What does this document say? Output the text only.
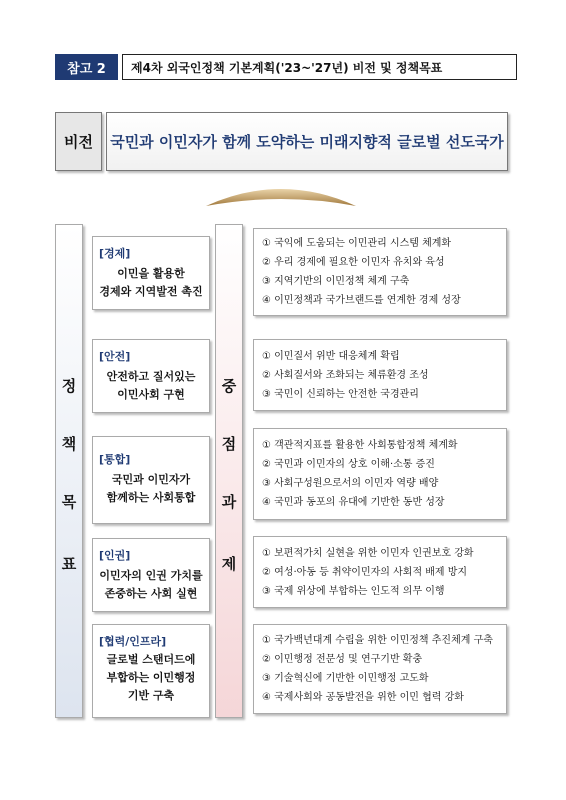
참고 2	제4차 외국인정책 기본계획('23~'27년) 비전 및 정책목표
비전	국민과 이민자가 함께 도약하는 미래지향적 글로벌 선도국가
정
책
목
표
중
점
과
제
[경제]
이민을 활용한
경제와 지역발전 촉진
① 국익에 도움되는 이민관리 시스템 체계화
② 우리 경제에 필요한 이민자 유치와 육성
③ 지역기반의 이민정책 체계 구축
④ 이민정책과 국가브랜드를 연계한 경제 성장
[안전]
안전하고 질서있는
이민사회 구현
① 이민질서 위반 대응체계 확립
② 사회질서와 조화되는 체류환경 조성
③ 국민이 신뢰하는 안전한 국경관리
[통합]
국민과 이민자가
함께하는 사회통합
① 객관적지표를 활용한 사회통합정책 체계화
② 국민과 이민자의 상호 이해·소통 증진
③ 사회구성원으로서의 이민자 역량 배양
④ 국민과 동포의 유대에 기반한 동반 성장
[인권]
이민자의 인권 가치를
존중하는 사회 실현
① 보편적가치 실현을 위한 이민자 인권보호 강화
② 여성·아동 등 취약이민자의 사회적 배제 방지
③ 국제 위상에 부합하는 인도적 의무 이행
[협력/인프라]
글로벌 스탠더드에
부합하는 이민행정
기반 구축
① 국가백년대계 수립을 위한 이민정책 추진체계 구축
② 이민행정 전문성 및 연구기반 확충
③ 기술혁신에 기반한 이민행정 고도화
④ 국제사회와 공동발전을 위한 이민 협력 강화
